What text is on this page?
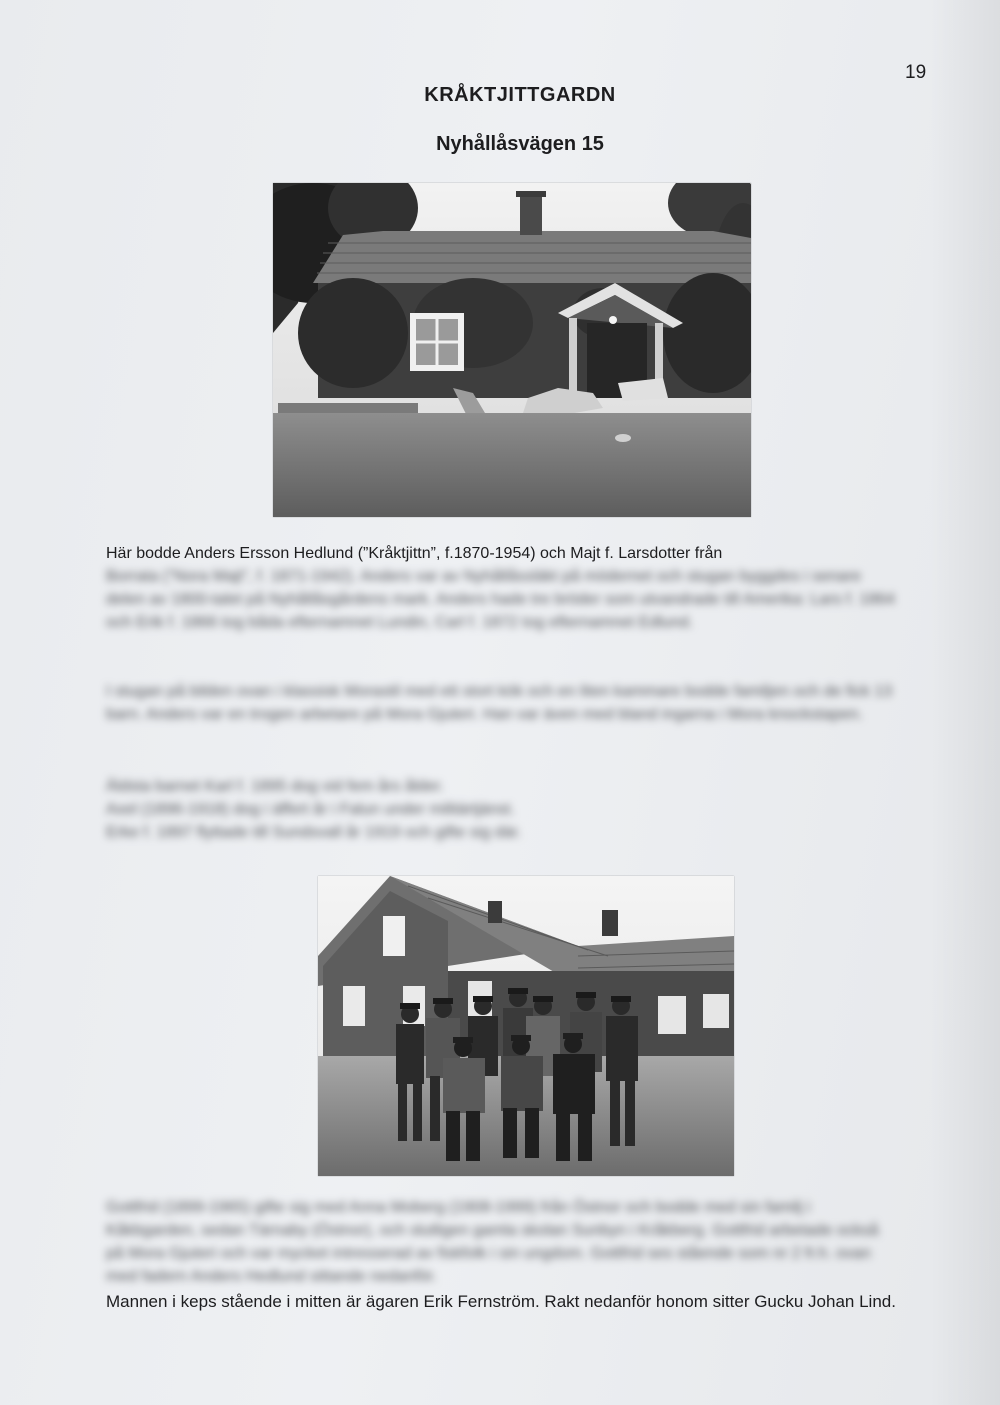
19
KRÅKTJITTGARDN
Nyhållåsvägen 15

Här bodde Anders Ersson Hedlund (”Kråktjittn”, f.1870-1954) och Majt f. Larsdotter från

Borrata (”Nora Majt”, f. 1871-1942). Anders var av Nyhållåssläkt på mödernet och stugan byggdes i senare delen av 1800-talet på Nyhållåsgårdens mark. Anders hade tre bröder som utvandrade till Amerika: Lars f. 1864 och Erik f. 1866 tog båda efternamnet Lundin, Carl f. 1872 tog efternamnet Edlund.

I stugan på bilden ovan i klassisk Morastil med ett stort kök och en liten kammare bodde familjen och de fick 13 barn. Anders var en trogen arbetare på Mora Gjuteri. Han var även med bland ingarna i Mora knockstapen.

Äldsta barnet Karl f. 1895 dog vid fem års ålder.
Axel (1896-1918) dog i äffert år i Falun under militärtjänst.
Erke f. 1897 flyttade till Sundsvall år 1919 och gifte sig där.

Gottfrid (1899-1965) gifte sig med Anna Moberg (1908-1999) från Östnor och bodde med sin familj i Kåkbgarden, sedan Tärnaby (Östnor), och slutligen gamla skolan Sunbyn i Kråkberg. Gottfrid arbetade också på Mora Gjuteri och var mycket intresserad av fiskfolk i sin ungdom. Gottfrid ses stående som nr 2 fr.h. ovan med fadern Anders Hedlund sittande nedanför.

Mannen i keps stående i mitten är ägaren Erik Fernström. Rakt nedanför honom sitter Gucku Johan Lind.
